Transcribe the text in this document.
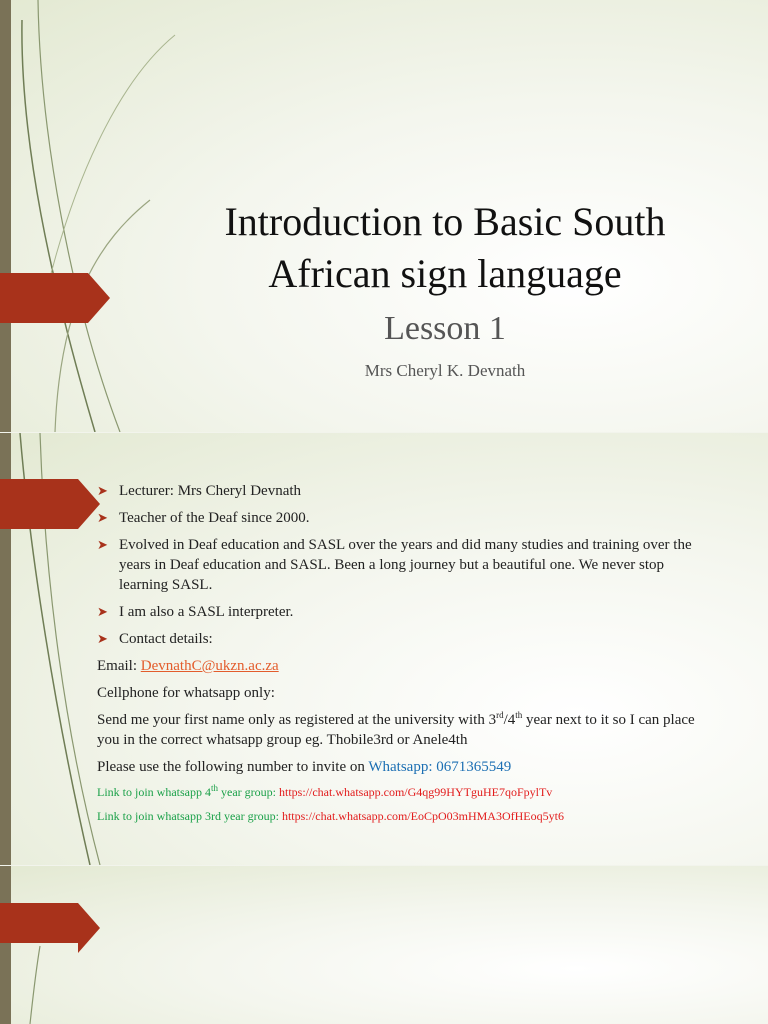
Introduction to Basic South African sign language
Lesson 1
Mrs Cheryl K. Devnath
➤ Lecturer: Mrs Cheryl Devnath
➤ Teacher of the Deaf since 2000.
➤ Evolved in Deaf education and SASL over the years and did many studies and training over the years in Deaf education and SASL. Been a long journey but a beautiful one. We never stop learning SASL.
➤ I am also a SASL interpreter.
➤ Contact details:
Email: DevnathC@ukzn.ac.za
Cellphone for whatsapp only:
Send me your first name only as registered at the university with 3rd/4th year next to it so I can place you in the correct whatsapp group eg. Thobile3rd or Anele4th
Please use the following number to invite on Whatsapp: 0671365549
Link to join whatsapp 4th year group: https://chat.whatsapp.com/G4qg99HYTguHE7qoFpylTv
Link to join whatsapp 3rd year group: https://chat.whatsapp.com/EoCpO03mHMA3OfHEoq5yt6
